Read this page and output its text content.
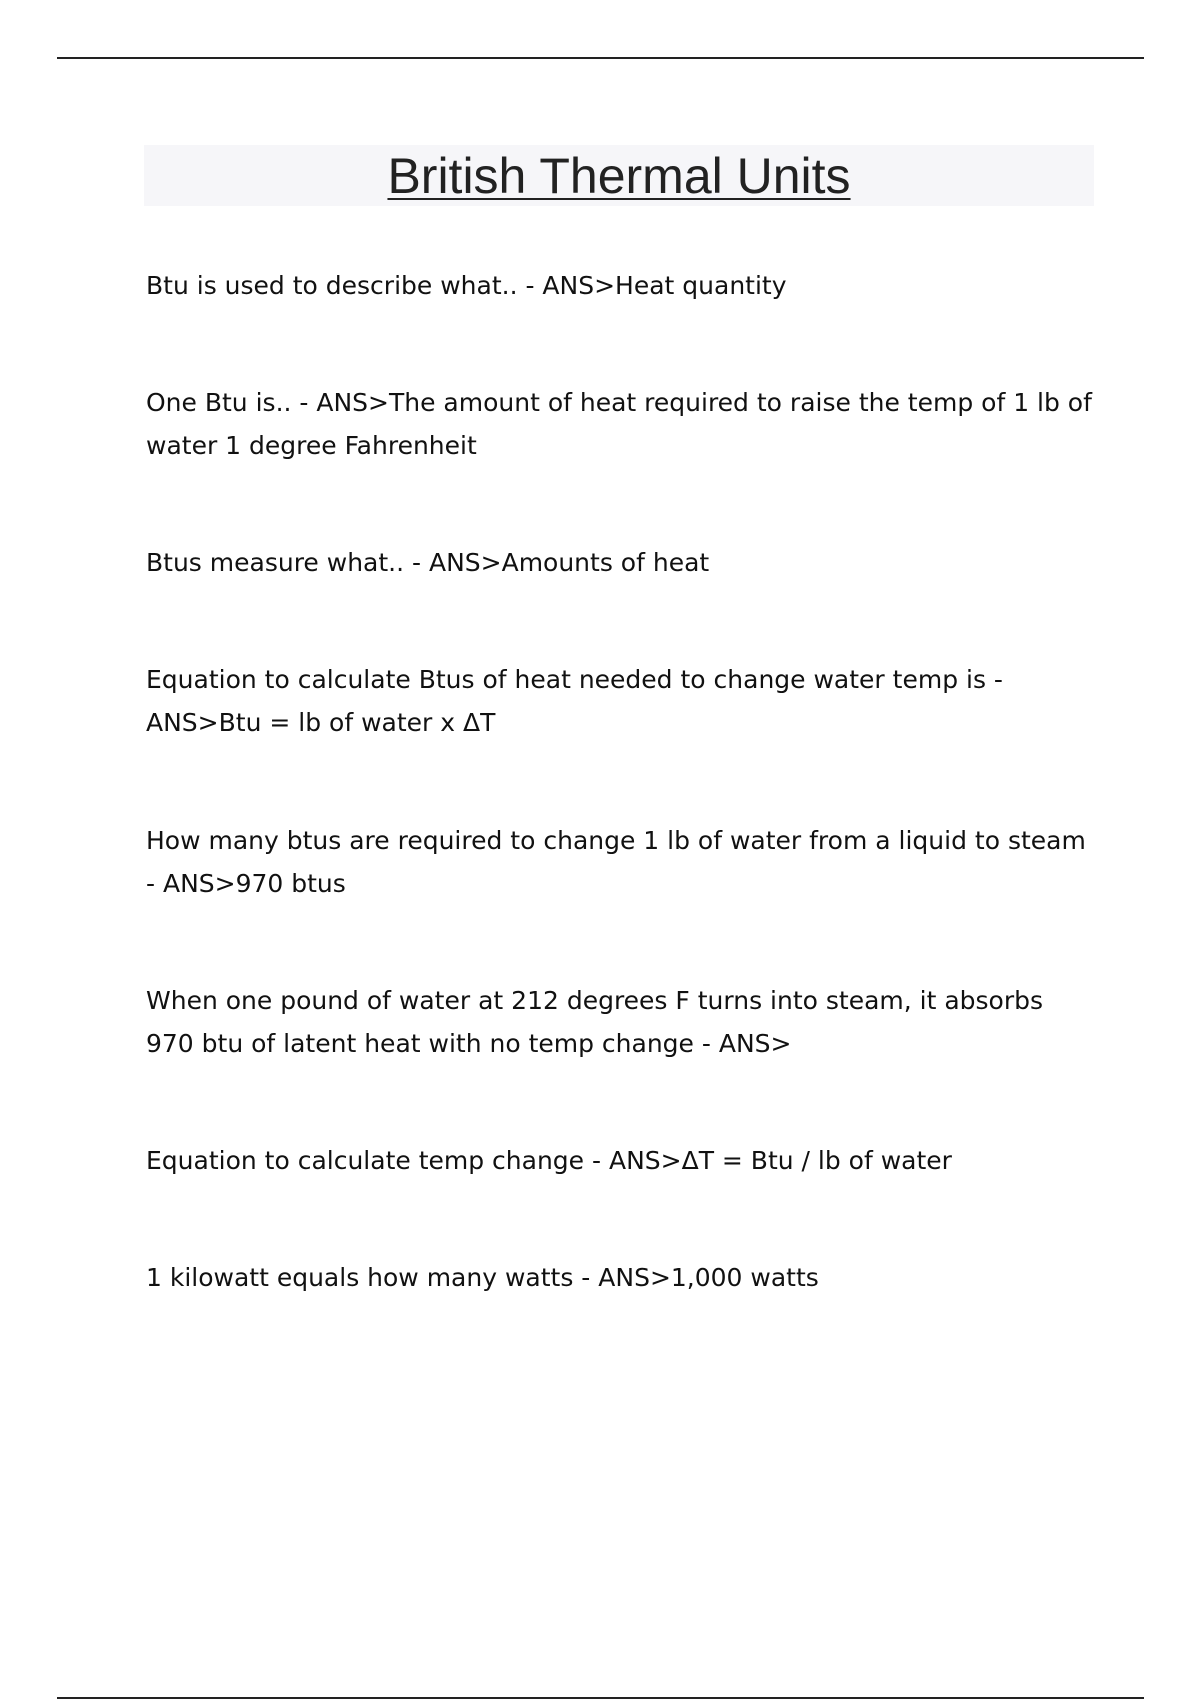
British Thermal Units

Btu is used to describe what.. - ANS>Heat quantity

One Btu is.. - ANS>The amount of heat required to raise the temp of 1 lb of water 1 degree Fahrenheit

Btus measure what.. - ANS>Amounts of heat

Equation to calculate Btus of heat needed to change water temp is - ANS>Btu = lb of water x ΔT

How many btus are required to change 1 lb of water from a liquid to steam - ANS>970 btus

When one pound of water at 212 degrees F turns into steam, it absorbs 970 btu of latent heat with no temp change - ANS>

Equation to calculate temp change - ANS>ΔT = Btu / lb of water

1 kilowatt equals how many watts - ANS>1,000 watts
